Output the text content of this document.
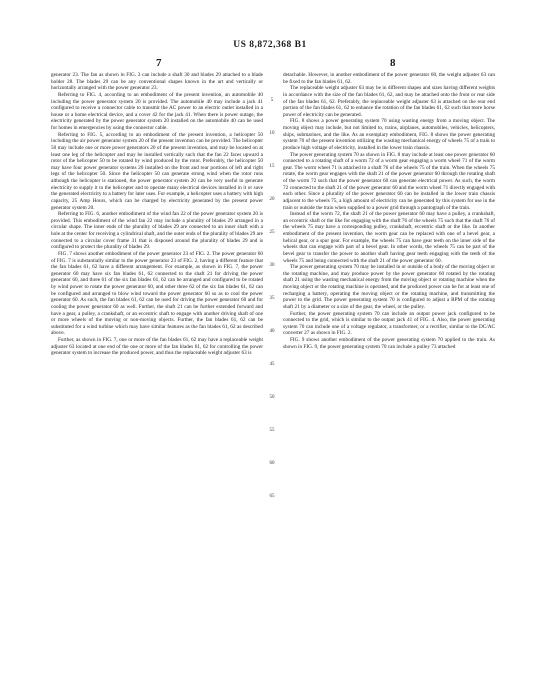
US 8,872,368 B1
7	8

generator 23. The fan as shown in FIG. 3 can include a shaft 30 and blades 29 attached to a blade holder 28. The blades 29 can be any conventional shapes known in the art and vertically or horizontally arranged with the power generator 23.

Referring to FIG. 4, according to an embodiment of the present invention, an automobile 40 including the power generator system 20 is provided. The automobile 40 may include a jack 41 configured to receive a connector cable to transmit the AC power to an electric outlet installed in a house or a home electrical device, and a cover 42 for the jack 41. When there is power outage, the electricity generated by the power generator system 20 installed on the automobile 40 can be used for homes in emergencies by using the connector cable.

Referring to FIG. 5, according to an embodiment of the present invention, a helicopter 50 including the air power generator system 20 of the present invention can be provided. The helicopter 50 may include one or more power generators 20 of the present invention, and may be located on at least one leg of the helicopter and may be installed vertically such that the fan 22 faces upward a rotor of the helicopter 50 to be rotated by wind produced by the rotor. Preferably, the helicopter 50 may have four power generator systems 20 installed on the front and rear portions of left and right legs of the helicopter 50. Since the helicopter 50 can generate strong wind when the rotor runs although the helicopter is stationed, the power generator system 20 can be very useful to generate electricity to supply it to the helicopter and to operate many electrical devices installed in it or save the generated electricity to a battery for later uses. For example, a helicopter uses a battery with high capacity, 25 Amp Hours, which can be charged by electricity generated by the present power generator system 20.

Referring to FIG. 6, another embodiment of the wind fan 22 of the power generator system 20 is provided. This embodiment of the wind fan 22 may include a plurality of blades 29 arranged in a circular shape. The inner ends of the plurality of blades 29 are connected to an inner shaft with a hole at the center for receiving a cylindrical shaft, and the outer ends of the plurality of blades 29 are connected to a circular cover frame 31 that is disposed around the plurality of blades 29 and is configured to protect the plurality of blades 29.

FIG. 7 shows another embodiment of the power generator 23 of FIG. 2. The power generator 60 of FIG. 7 is substantially similar to the power generator 23 of FIG. 2, having a different feature that the fan blades 61, 62 have a different arrangement. For example, as shown in FIG. 7, the power generator 60 may have six fan blades 61, 62 connected to the shaft 21 for driving the power generator 60, and three 61 of the six fan blades 61, 62 can be arranged and configured to be rotated by wind power to rotate the power generator 60, and other three 62 of the six fan blades 61, 62 can be configured and arranged to blow wind toward the power generator 60 so as to cool the power generator 60. As such, the fan blades 61, 62 can be used for driving the power generator 60 and for cooling the power generator 60 as well. Further, the shaft 21 can be further extended forward and have a gear, a pulley, a crankshaft, or an eccentric shaft to engage with another driving shaft of one or more wheels of the moving or non-moving objects. Further, the fan blades 61, 62 can be substituted for a wind turbine which may have similar features as the fan blades 61, 62 as described above.

Further, as shown in FIG. 7, one or more of the fan blades 61, 62 may have a replaceable weight adjuster 63 located at one end of the one or more of the fan blades 61, 62 for controlling the power generator system to increase the produced power, and thus the replaceable weight adjuster 63 is

5
10
15
20
25
30
35
40
45
50
55
60
65

detachable. However, in another embodiment of the power generator 60, the weight adjuster 63 can be fixed to the fan blades 61, 62.

The replaceable weight adjuster 63 may be in different shapes and sizes having different weights in accordance with the size of the fan blades 61, 62, and may be attached onto the front or rear side of the fan blades 61, 62. Preferably, the replaceable weight adjuster 63 is attached on the rear end portion of the fan blades 61, 62 to enhance the rotation of the fan blades 61, 62 such that more horse power of electricity can be generated.

FIG. 8 shows a power generating system 70 using wasting energy from a moving object. The moving object may include, but not limited to, trains, airplanes, automobiles, vehicles, helicopters, ships, submarines, and the like. As an exemplary embodiment, FIG. 8 shows the power generating system 70 of the present invention utilizing the wasting mechanical energy of wheels 75 of a train to produce high voltage of electricity, installed in the lower train chassis.

The power generating system 70 as shown in FIG. 8 may include at least one power generator 60 connected to a rotating shaft of a worm 72 of a worm gear engaging a worm wheel 71 of the worm gear. The worm wheel 71 is attached to a shaft 76 of the wheels 75 of the train. When the wheels 75 rotate, the worm gear engages with the shaft 21 of the power generator 60 through the rotating shaft of the worm 72 such that the power generator 60 can generate electrical power. As such, the worm 72 connected to the shaft 21 of the power generator 60 and the worm wheel 71 directly engaged with each other. Since a plurality of the power generator 60 can be installed in the lower train chassis adjacent to the wheels 75, a high amount of electricity can be generated by this system for use in the train or outside the train when supplied to a power grid through a pantograph of the train.

Instead of the worm 72, the shaft 21 of the power generator 60 may have a pulley, a crankshaft, an eccentric shaft or the like for engaging with the shaft 76 of the wheels 75 such that the shaft 76 of the wheels 75 may have a corresponding pulley, crankshaft, eccentric shaft or the like. In another embodiment of the present invention, the worm gear can be replaced with one of a bevel gear, a helical gear, or a spur gear. For example, the wheels 75 can have gear teeth on the inner side of the wheels that can engage with part of a bevel gear. In other words, the wheels 75 can be part of the bevel gear to transfer the power to another shaft having gear teeth engaging with the teeth of the wheels 75 and being connected with the shaft 21 of the power generator 60.

The power generating system 70 may be installed in or outside of a body of the moving object or the rotating machine, and may produce power by the power generator 60 rotated by the rotating shaft 21 using the wasting mechanical energy from the moving object or rotating machine when the moving object or the rotating machine is operated, and the produced power can be for at least one of recharging a battery, operating the moving object or the rotating machine, and transmitting the power to the grid. The power generating system 70 is configured to adjust a RPM of the rotating shaft 21 by a diameter or a size of the gear, the wheel, or the pulley.

Further, the power generating system 70 can include an output power jack configured to be connected to the grid, which is similar to the output jack 41 of FIG. 4. Also, the power generating system 70 can include one of a voltage regulator, a transformer, or a rectifier, similar to the DC/AC converter 27 as shown in FIG. 2.

FIG. 9 shows another embodiment of the power generating system 70 applied to the train. As shown in FIG. 9, the power generating system 70 can include a pulley 73 attached
